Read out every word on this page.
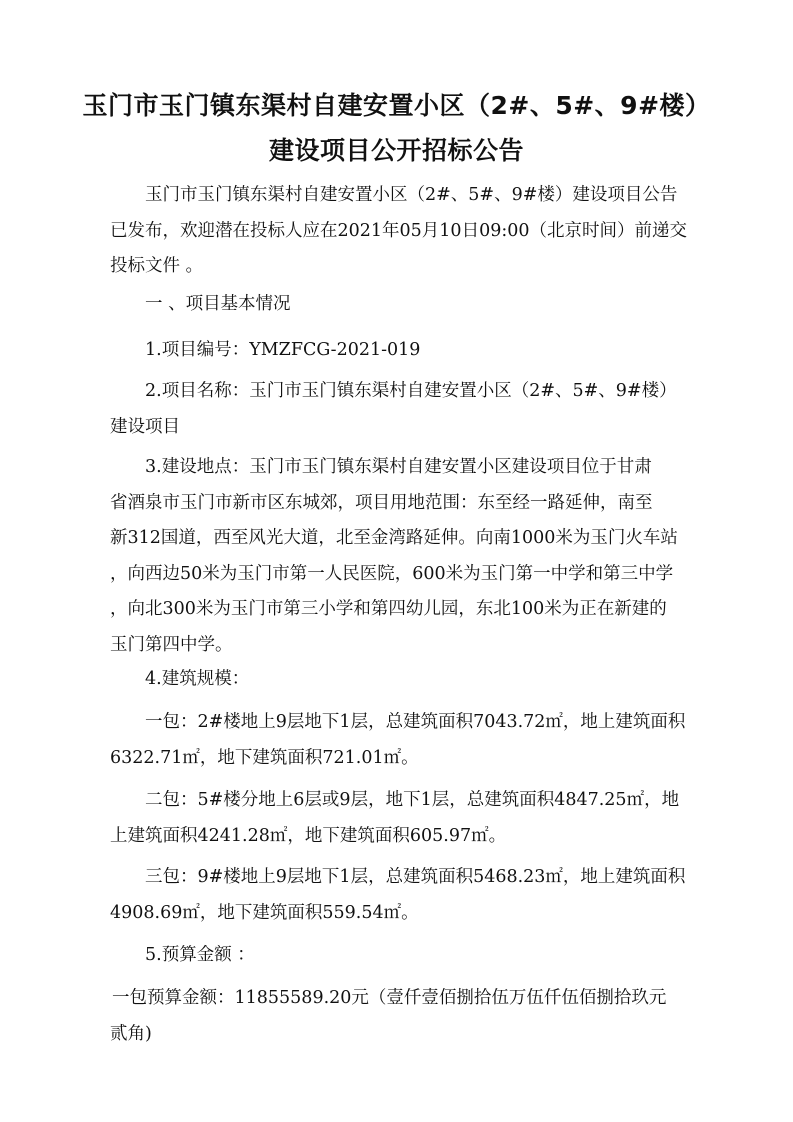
玉门市玉门镇东渠村自建安置小区（2#、5#、9#楼）
建设项目公开招标公告

玉门市玉门镇东渠村自建安置小区（2#、5#、9#楼）建设项目公告
已发布，欢迎潜在投标人应在2021年05月10日09:00（北京时间）前递交
投标文件 。

一 、项目基本情况

1.项目编号：YMZFCG-2021-019

2.项目名称：玉门市玉门镇东渠村自建安置小区（2#、5#、9#楼）
建设项目

3.建设地点：玉门市玉门镇东渠村自建安置小区建设项目位于甘肃
省酒泉市玉门市新市区东城郊，项目用地范围：东至经一路延伸，南至
新312国道，西至风光大道，北至金湾路延伸。向南1000米为玉门火车站
，向西边50米为玉门市第一人民医院，600米为玉门第一中学和第三中学
，向北300米为玉门市第三小学和第四幼儿园，东北100米为正在新建的
玉门第四中学。

4.建筑规模：

一包：2#楼地上9层地下1层，总建筑面积7043.72㎡，地上建筑面积
6322.71㎡，地下建筑面积721.01㎡。

二包：5#楼分地上6层或9层，地下1层，总建筑面积4847.25㎡，地
上建筑面积4241.28㎡，地下建筑面积605.97㎡。

三包：9#楼地上9层地下1层，总建筑面积5468.23㎡，地上建筑面积
4908.69㎡，地下建筑面积559.54㎡。

5.预算金额 ：

一包预算金额：11855589.20元（壹仟壹佰捌拾伍万伍仟伍佰捌拾玖元
贰角)
